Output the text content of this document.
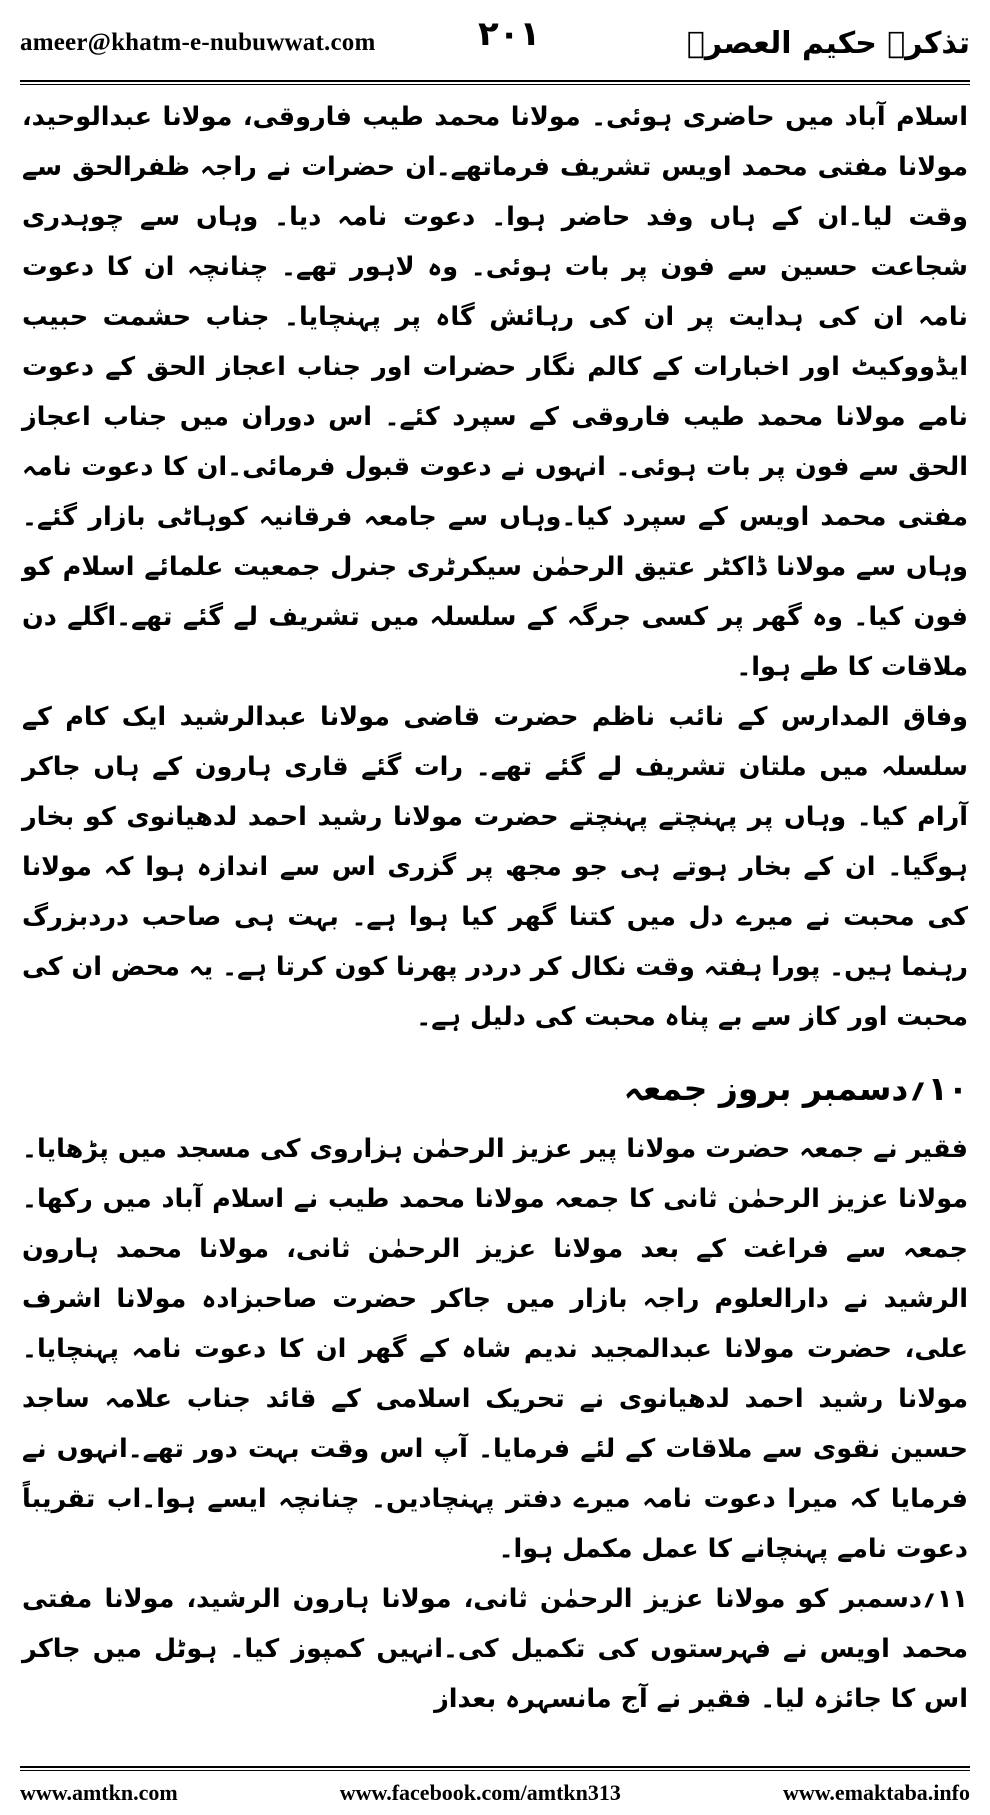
ameer@khatm-e-nubuwwat.com	۲۰۱	تذکرہ حکیم العصرؒ

اسلام آباد میں حاضری ہوئی۔ مولانا محمد طیب فاروقی، مولانا عبدالوحید، مولانا مفتی محمد اویس تشریف فرماتھے۔ان حضرات نے راجہ ظفرالحق سے وقت لیا۔ان کے ہاں وفد حاضر ہوا۔ دعوت نامہ دیا۔ وہاں سے چوہدری شجاعت حسین سے فون پر بات ہوئی۔ وہ لاہور تھے۔ چنانچہ ان کا دعوت نامہ ان کی ہدایت پر ان کی رہائش گاہ پر پہنچایا۔ جناب حشمت حبیب ایڈووکیٹ اور اخبارات کے کالم نگار حضرات اور جناب اعجاز الحق کے دعوت نامے مولانا محمد طیب فاروقی کے سپرد کئے۔ اس دوران میں جناب اعجاز الحق سے فون پر بات ہوئی۔ انہوں نے دعوت قبول فرمائی۔ان کا دعوت نامہ مفتی محمد اویس کے سپرد کیا۔وہاں سے جامعہ فرقانیہ کوہاٹی بازار گئے۔ وہاں سے مولانا ڈاکٹر عتیق الرحمٰن سیکرٹری جنرل جمعیت علمائے اسلام کو فون کیا۔ وہ گھر پر کسی جرگہ کے سلسلہ میں تشریف لے گئے تھے۔اگلے دن ملاقات کا طے ہوا۔

وفاق المدارس کے نائب ناظم حضرت قاضی مولانا عبدالرشید ایک کام کے سلسلہ میں ملتان تشریف لے گئے تھے۔ رات گئے قاری ہارون کے ہاں جاکر آرام کیا۔ وہاں پر پہنچتے پہنچتے حضرت مولانا رشید احمد لدھیانوی کو بخار ہوگیا۔ ان کے بخار ہوتے ہی جو مجھ پر گزری اس سے اندازہ ہوا کہ مولانا کی محبت نے میرے دل میں کتنا گھر کیا ہوا ہے۔ بہت ہی صاحب دردبزرگ رہنما ہیں۔ پورا ہفتہ وقت نکال کر دردر پھرنا کون کرتا ہے۔ یہ محض ان کی محبت اور کاز سے بے پناہ محبت کی دلیل ہے۔

۱۰؍دسمبر بروز جمعہ

فقیر نے جمعہ حضرت مولانا پیر عزیز الرحمٰن ہزاروی کی مسجد میں پڑھایا۔ مولانا عزیز الرحمٰن ثانی کا جمعہ مولانا محمد طیب نے اسلام آباد میں رکھا۔ جمعہ سے فراغت کے بعد مولانا عزیز الرحمٰن ثانی، مولانا محمد ہارون الرشید نے دارالعلوم راجہ بازار میں جاکر حضرت صاحبزادہ مولانا اشرف علی، حضرت مولانا عبدالمجید ندیم شاہ کے گھر ان کا دعوت نامہ پہنچایا۔مولانا رشید احمد لدھیانوی نے تحریک اسلامی کے قائد جناب علامہ ساجد حسین نقوی سے ملاقات کے لئے فرمایا۔ آپ اس وقت بہت دور تھے۔انہوں نے فرمایا کہ میرا دعوت نامہ میرے دفتر پہنچادیں۔ چنانچہ ایسے ہوا۔اب تقریباً دعوت نامے پہنچانے کا عمل مکمل ہوا۔

۱۱؍دسمبر کو مولانا عزیز الرحمٰن ثانی، مولانا ہارون الرشید، مولانا مفتی محمد اویس نے فہرستوں کی تکمیل کی۔انہیں کمپوز کیا۔ ہوٹل میں جاکر اس کا جائزہ لیا۔ فقیر نے آج مانسہرہ بعداز

www.amtkn.com	www.facebook.com/amtkn313	www.emaktaba.info
